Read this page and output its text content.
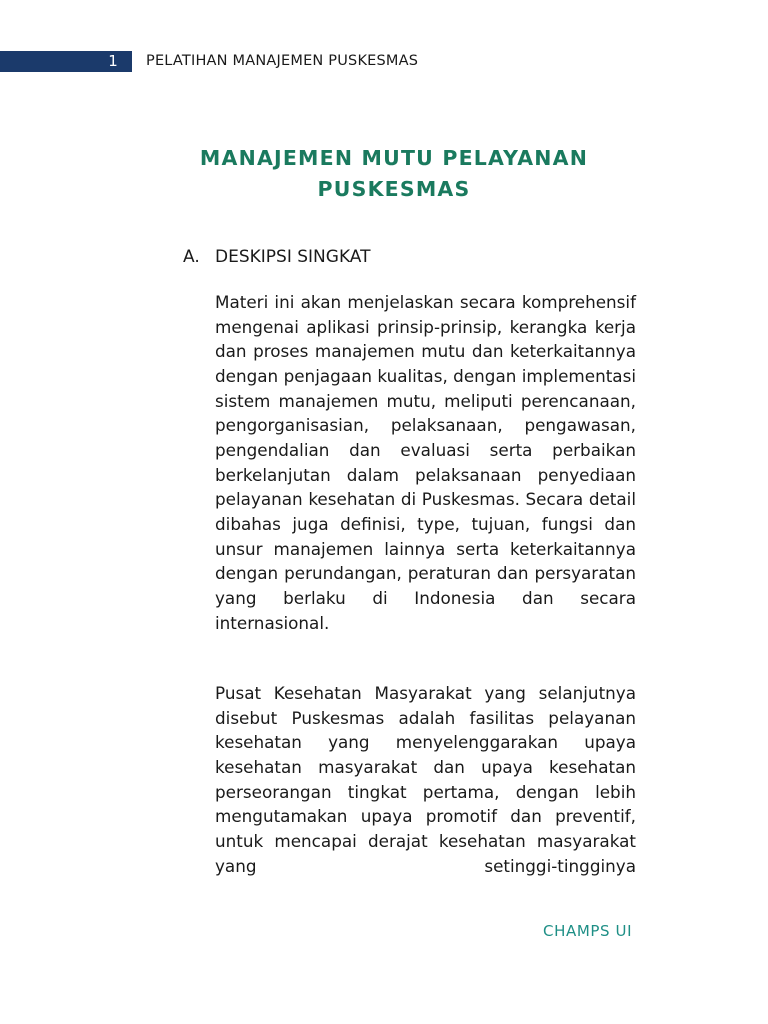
1 PELATIHAN MANAJEMEN PUSKESMAS
MANAJEMEN MUTU PELAYANAN PUSKESMAS
A. DESKIPSI SINGKAT

Materi ini akan menjelaskan secara komprehensif mengenai aplikasi prinsip-prinsip, kerangka kerja dan proses manajemen mutu dan keterkaitannya dengan penjagaan kualitas, dengan implementasi sistem manajemen mutu, meliputi perencanaan, pengorganisasian, pelaksanaan, pengawasan, pengendalian dan evaluasi serta perbaikan berkelanjutan dalam pelaksanaan penyediaan pelayanan kesehatan di Puskesmas. Secara detail dibahas juga definisi, type, tujuan, fungsi dan unsur manajemen lainnya serta keterkaitannya dengan perundangan, peraturan dan persyaratan yang berlaku di Indonesia dan secara internasional.

Pusat Kesehatan Masyarakat yang selanjutnya disebut Puskesmas adalah fasilitas pelayanan kesehatan yang menyelenggarakan upaya kesehatan masyarakat dan upaya kesehatan perseorangan tingkat pertama, dengan lebih mengutamakan upaya promotif dan preventif, untuk mencapai derajat kesehatan masyarakat yang setinggi-tingginya

CHAMPS UI
